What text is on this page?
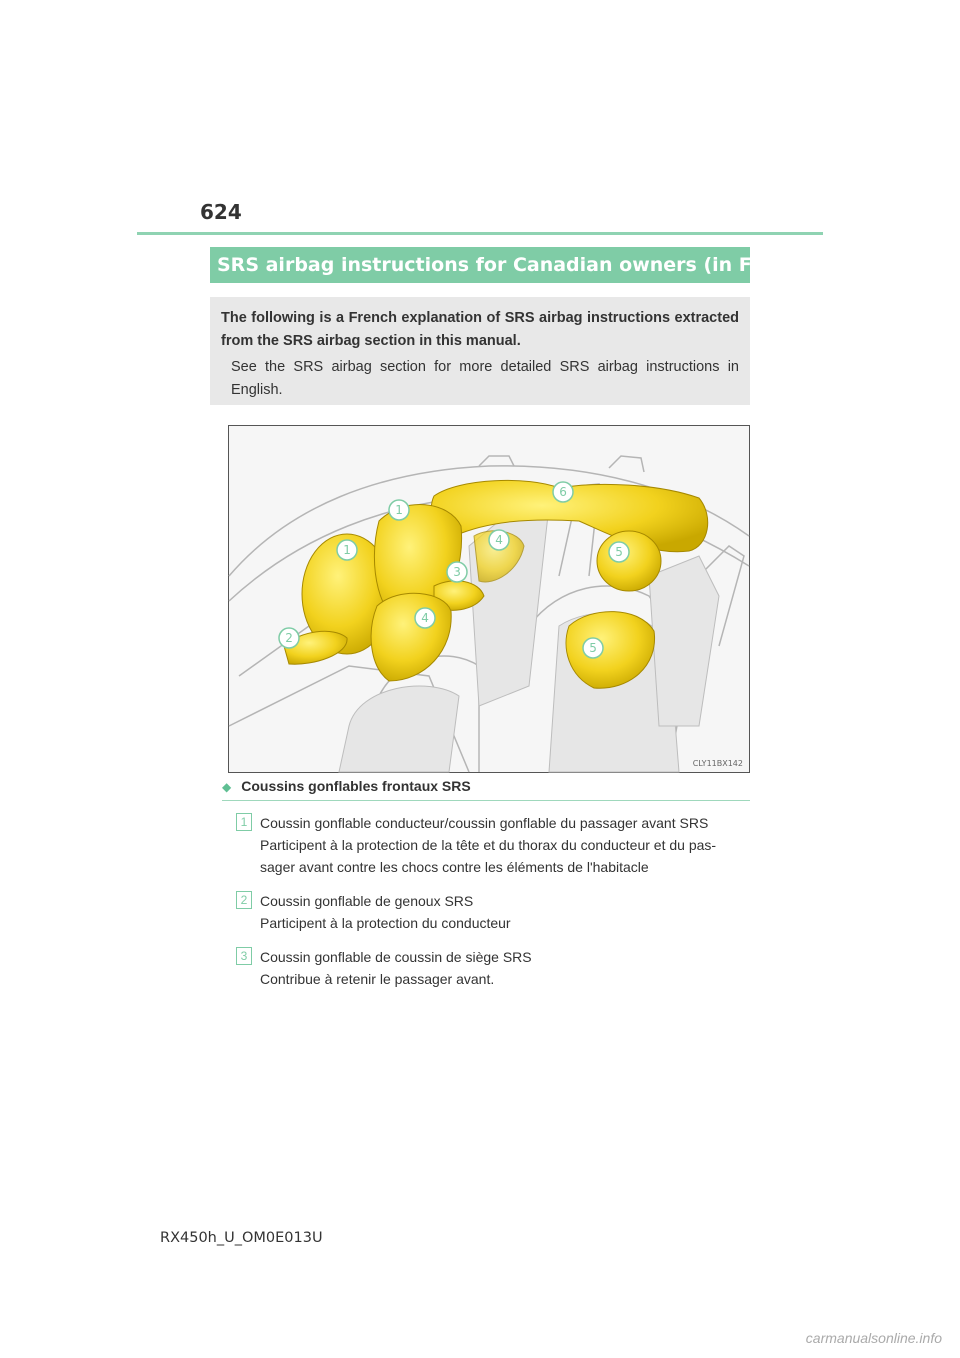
624
SRS airbag instructions for Canadian owners (in French)
The following is a French explanation of SRS airbag instructions extracted from the SRS airbag section in this manual.
See the SRS airbag section for more detailed SRS airbag instructions in English.
1
1
2
3
4
4
5
5
6
CLY11BX142
◆ Coussins gonflables frontaux SRS
1 Coussin gonflable conducteur/coussin gonflable du passager avant SRS
Participent à la protection de la tête et du thorax du conducteur et du pas-sager avant contre les chocs contre les éléments de l'habitacle
2 Coussin gonflable de genoux SRS
Participent à la protection du conducteur
3 Coussin gonflable de coussin de siège SRS
Contribue à retenir le passager avant.
RX450h_U_OM0E013U
carmanualsonline.info
